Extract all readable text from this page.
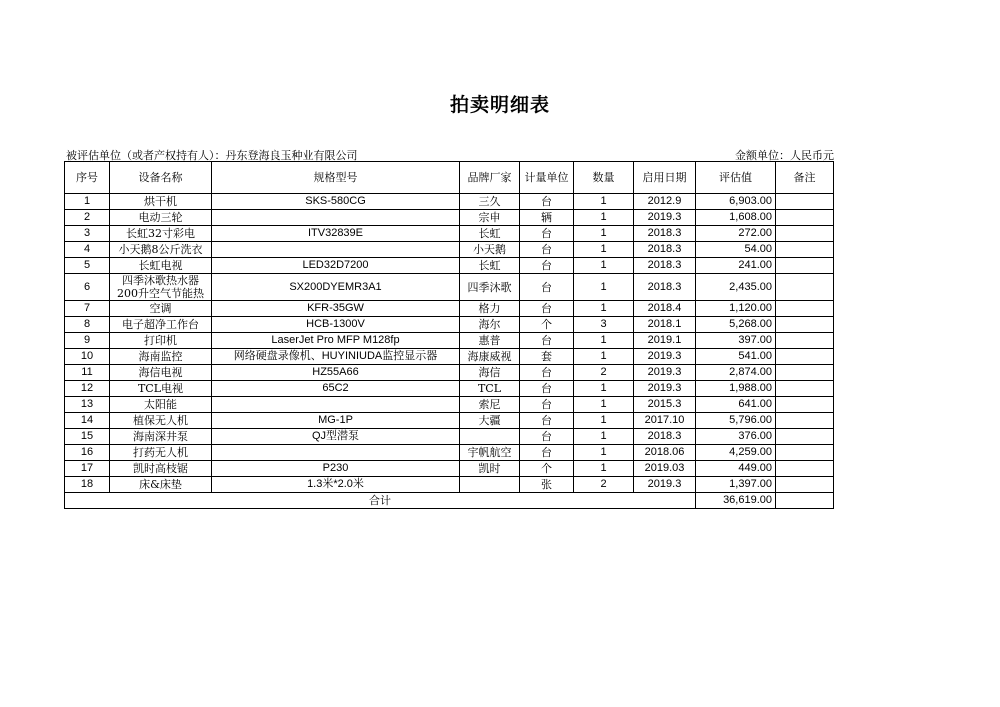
拍卖明细表
被评估单位（或者产权持有人）：丹东登海良玉种业有限公司	金额单位：人民币元
序号	设备名称	规格型号	品牌厂家	计量单位	数量	启用日期	评估值	备注
1	烘干机	SKS-580CG	三久	台	1	2012.9	6,903.00	
2	电动三轮		宗申	辆	1	2019.3	1,608.00	
3	长虹32寸彩电	ITV32839E	长虹	台	1	2018.3	272.00	
4	小天鹅8公斤洗衣		小天鹅	台	1	2018.3	54.00	
5	长虹电视	LED32D7200	长虹	台	1	2018.3	241.00	
6	四季沐歌热水器200升空气节能热	SX200DYEMR3A1	四季沐歌	台	1	2018.3	2,435.00	
7	空调	KFR-35GW	格力	台	1	2018.4	1,120.00	
8	电子超净工作台	HCB-1300V	海尔	个	3	2018.1	5,268.00	
9	打印机	LaserJet Pro MFP M128fp	惠普	台	1	2019.1	397.00	
10	海南监控	网络硬盘录像机、HUYINIUDA监控显示器	海康威视	套	1	2019.3	541.00	
11	海信电视	HZ55A66	海信	台	2	2019.3	2,874.00	
12	TCL电视	65C2	TCL	台	1	2019.3	1,988.00	
13	太阳能		索尼	台	1	2015.3	641.00	
14	植保无人机	MG-1P	大疆	台	1	2017.10	5,796.00	
15	海南深井泵	QJ型潜泵		台	1	2018.3	376.00	
16	打药无人机		宇帆航空	台	1	2018.06	4,259.00	
17	凯时高枝锯	P230	凯时	个	1	2019.03	449.00	
18	床&床垫	1.3米*2.0米		张	2	2019.3	1,397.00	
合计							36,619.00	
